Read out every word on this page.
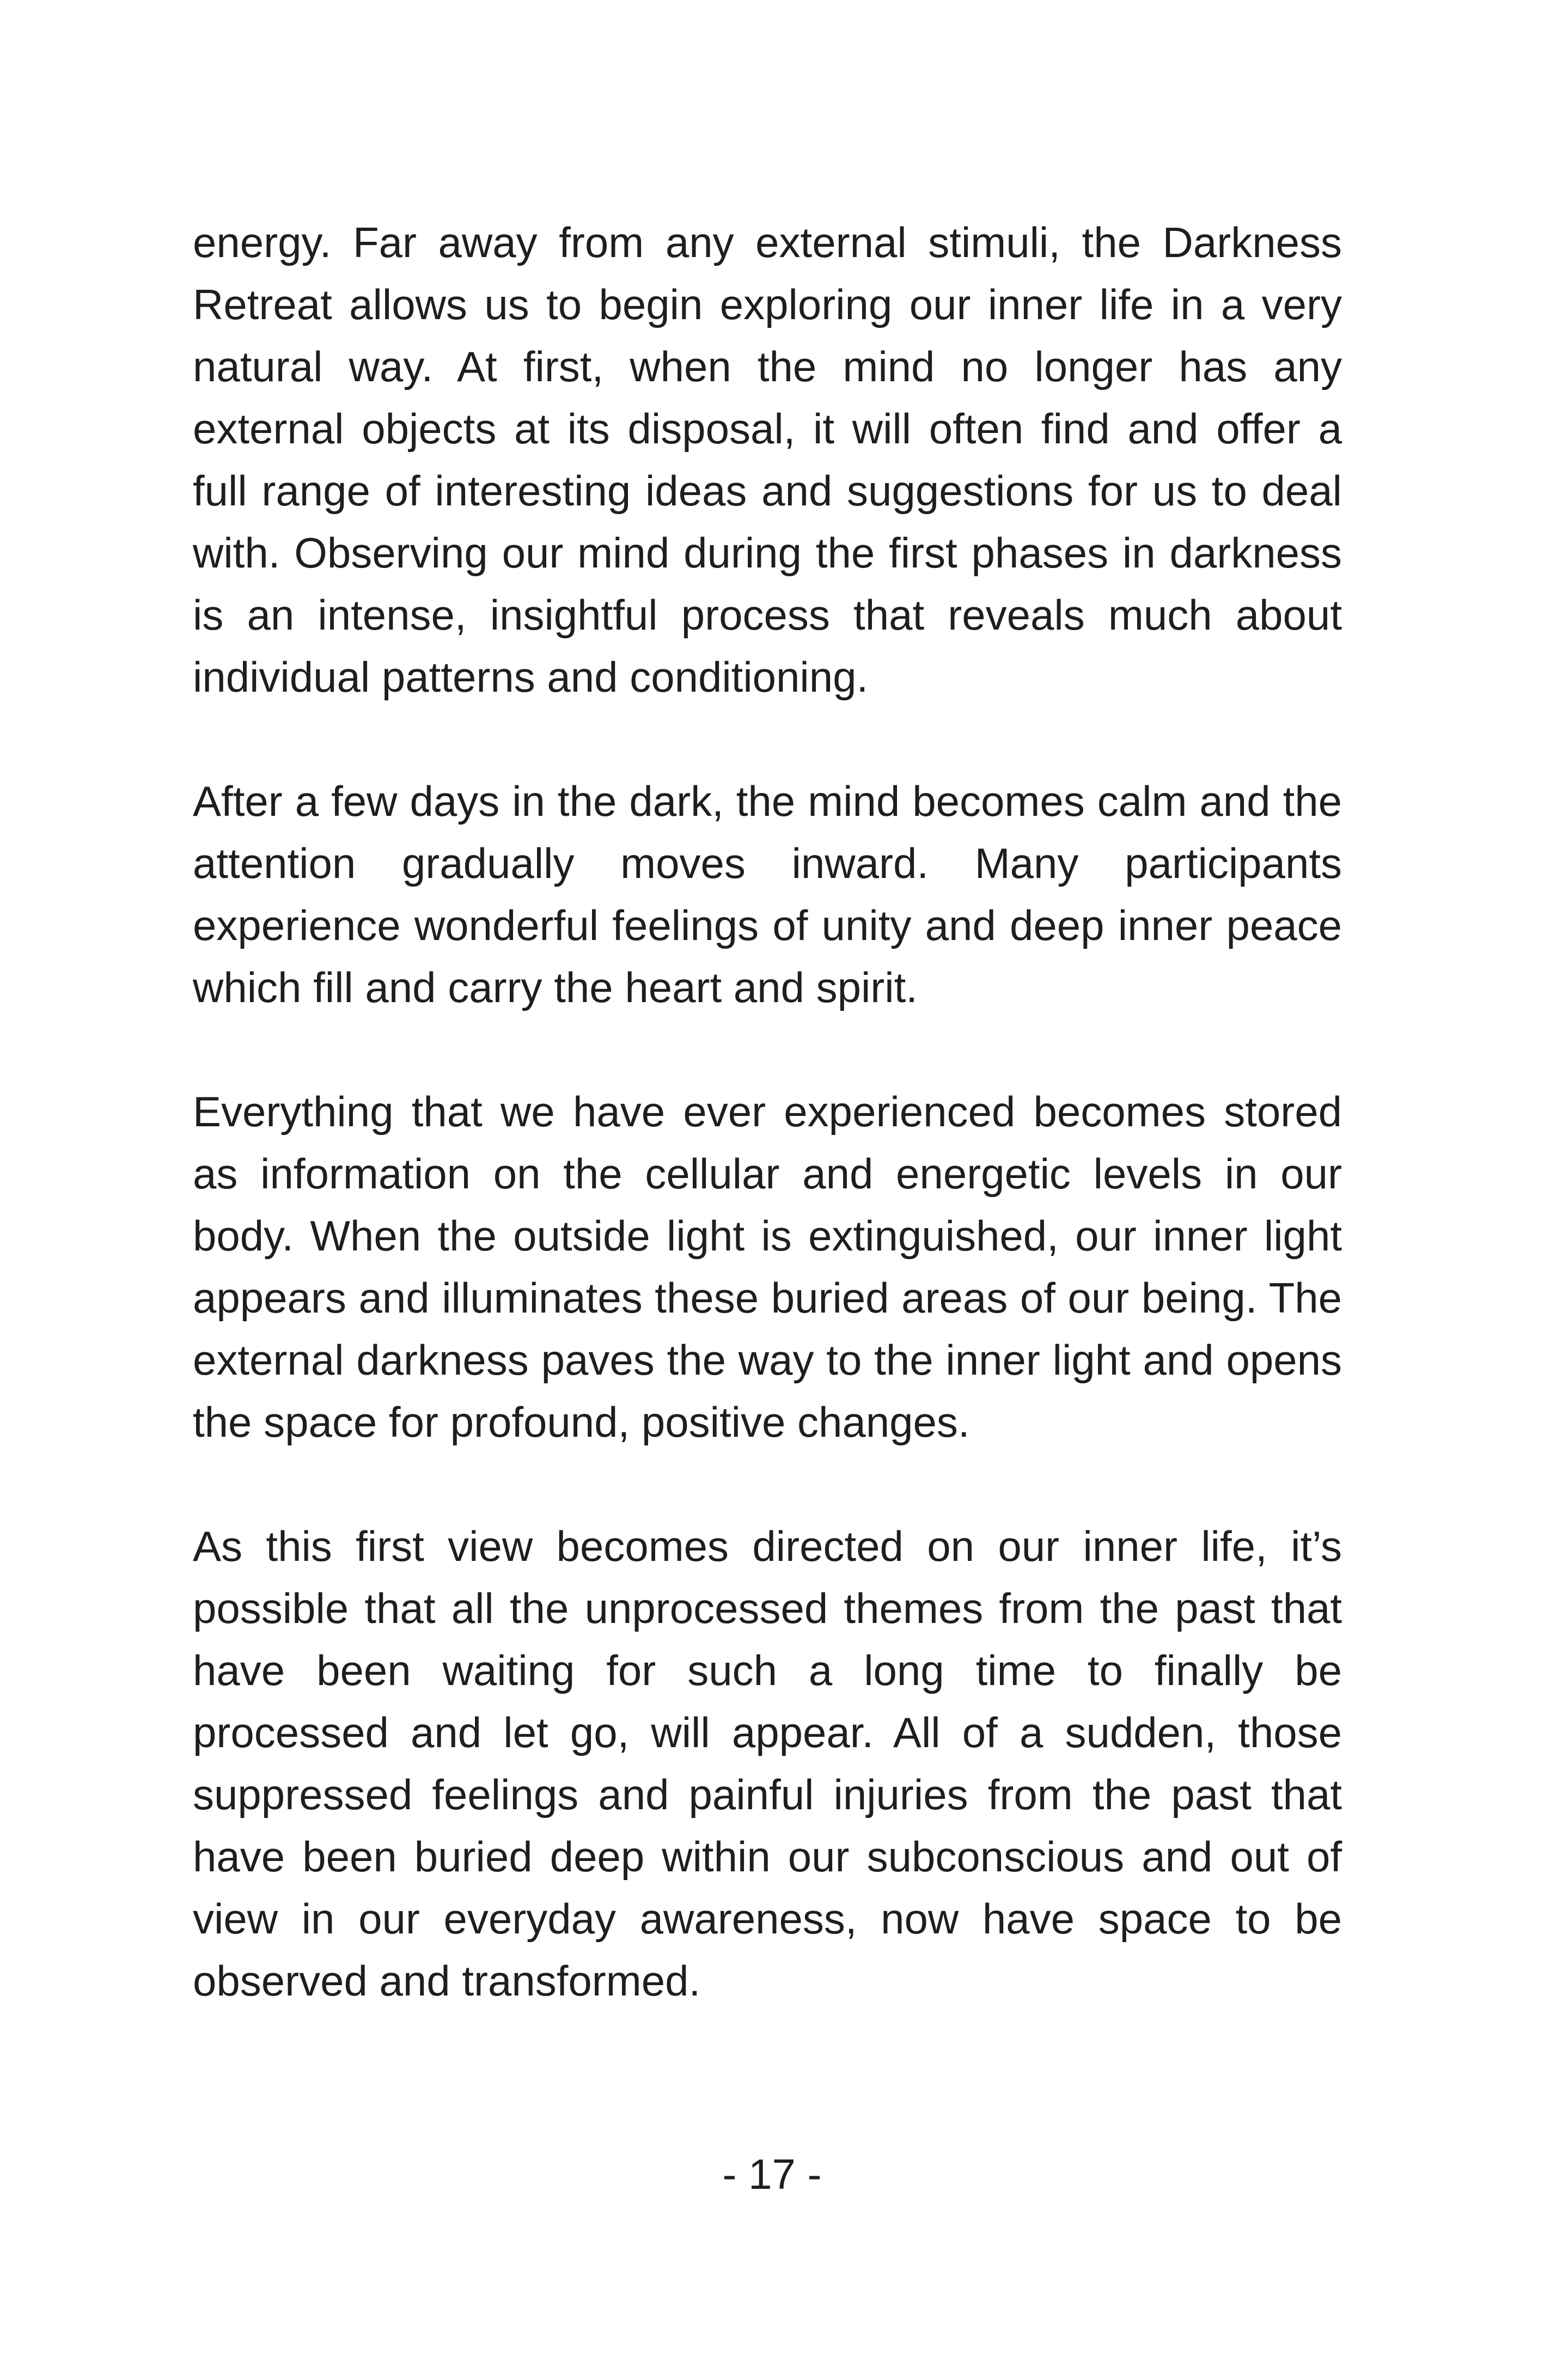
energy. Far away from any external stimuli, the Darkness Retreat allows us to begin exploring our inner life in a very natural way. At first, when the mind no longer has any external objects at its disposal, it will often find and offer a full range of interesting ideas and suggestions for us to deal with. Observing our mind during the first phases in darkness is an intense, insightful process that reveals much about individual patterns and conditioning.

After a few days in the dark, the mind becomes calm and the attention gradually moves inward. Many participants experience wonderful feelings of unity and deep inner peace which fill and carry the heart and spirit.

Everything that we have ever experienced becomes stored as information on the cellular and energetic levels in our body. When the outside light is extinguished, our inner light appears and illuminates these buried areas of our being. The external darkness paves the way to the inner light and opens the space for profound, positive changes.

As this first view becomes directed on our inner life, it’s possible that all the unprocessed themes from the past that have been waiting for such a long time to finally be processed and let go, will appear. All of a sudden, those suppressed feelings and painful injuries from the past that have been buried deep within our subconscious and out of view in our everyday awareness, now have space to be observed and transformed.

- 17 -
